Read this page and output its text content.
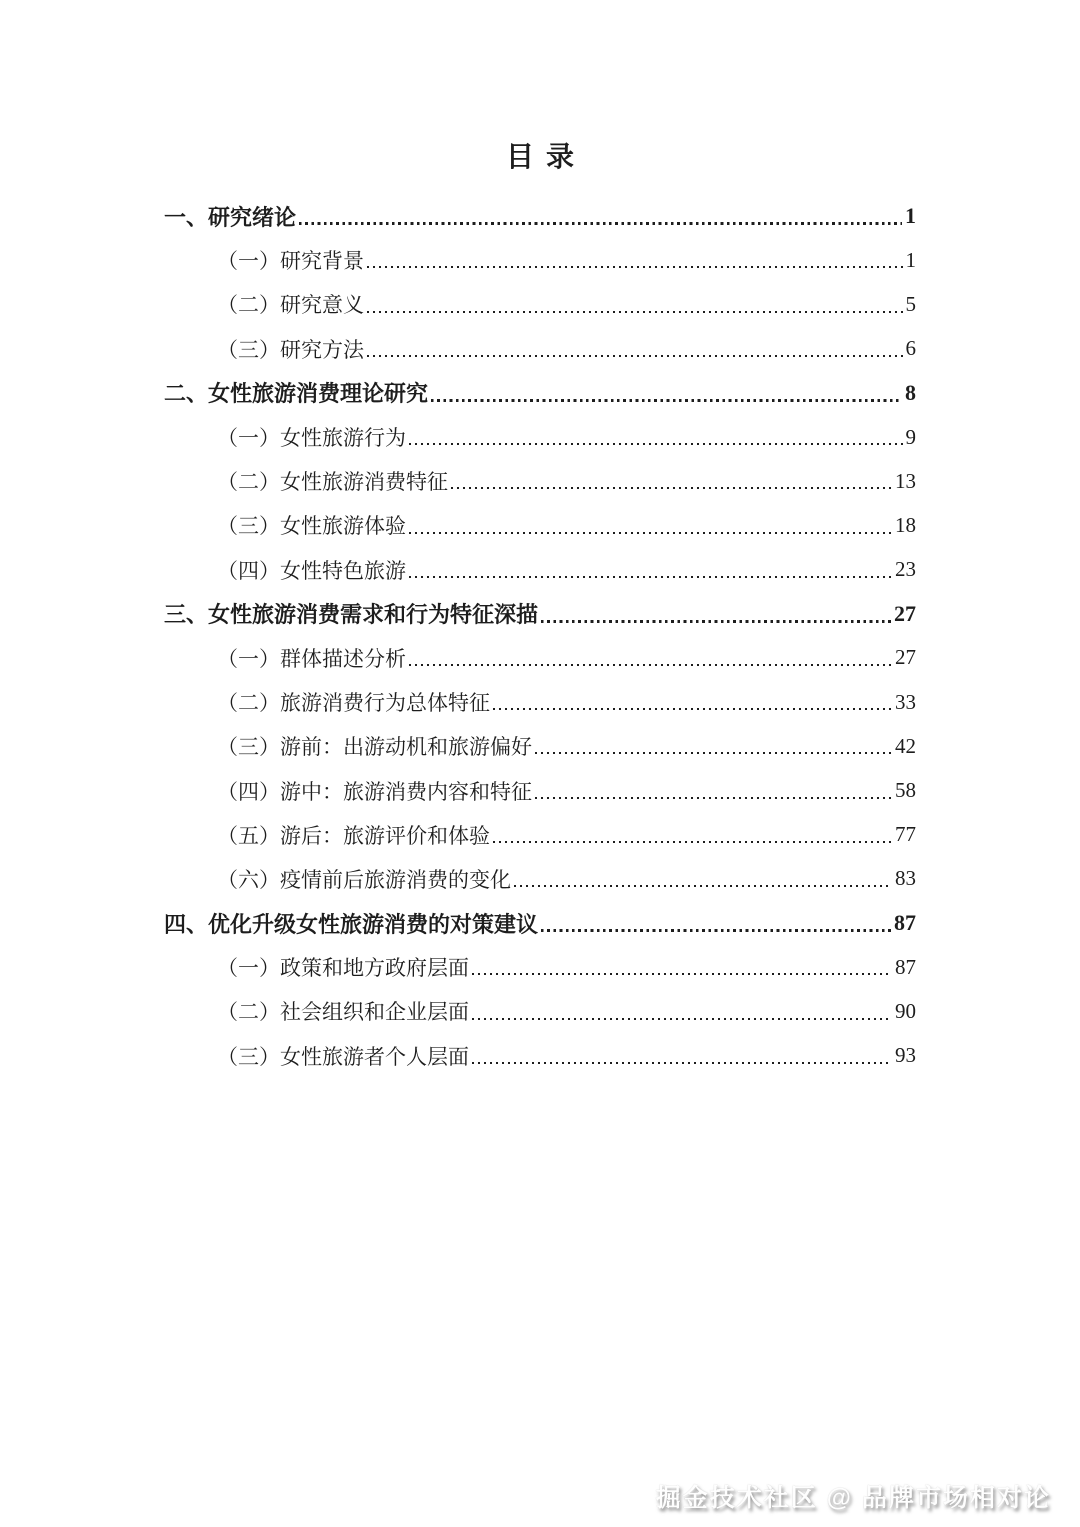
目录
一、研究绪论	1
（一）研究背景	1
（二）研究意义	5
（三）研究方法	6
二、女性旅游消费理论研究	8
（一）女性旅游行为	9
（二）女性旅游消费特征	13
（三）女性旅游体验	18
（四）女性特色旅游	23
三、女性旅游消费需求和行为特征深描	27
（一）群体描述分析	27
（二）旅游消费行为总体特征	33
（三）游前：出游动机和旅游偏好	42
（四）游中：旅游消费内容和特征	58
（五）游后：旅游评价和体验	77
（六）疫情前后旅游消费的变化	83
四、优化升级女性旅游消费的对策建议	87
（一）政策和地方政府层面	87
（二）社会组织和企业层面	90
（三）女性旅游者个人层面	93
掘金技术社区 @ 品牌市场相对论
